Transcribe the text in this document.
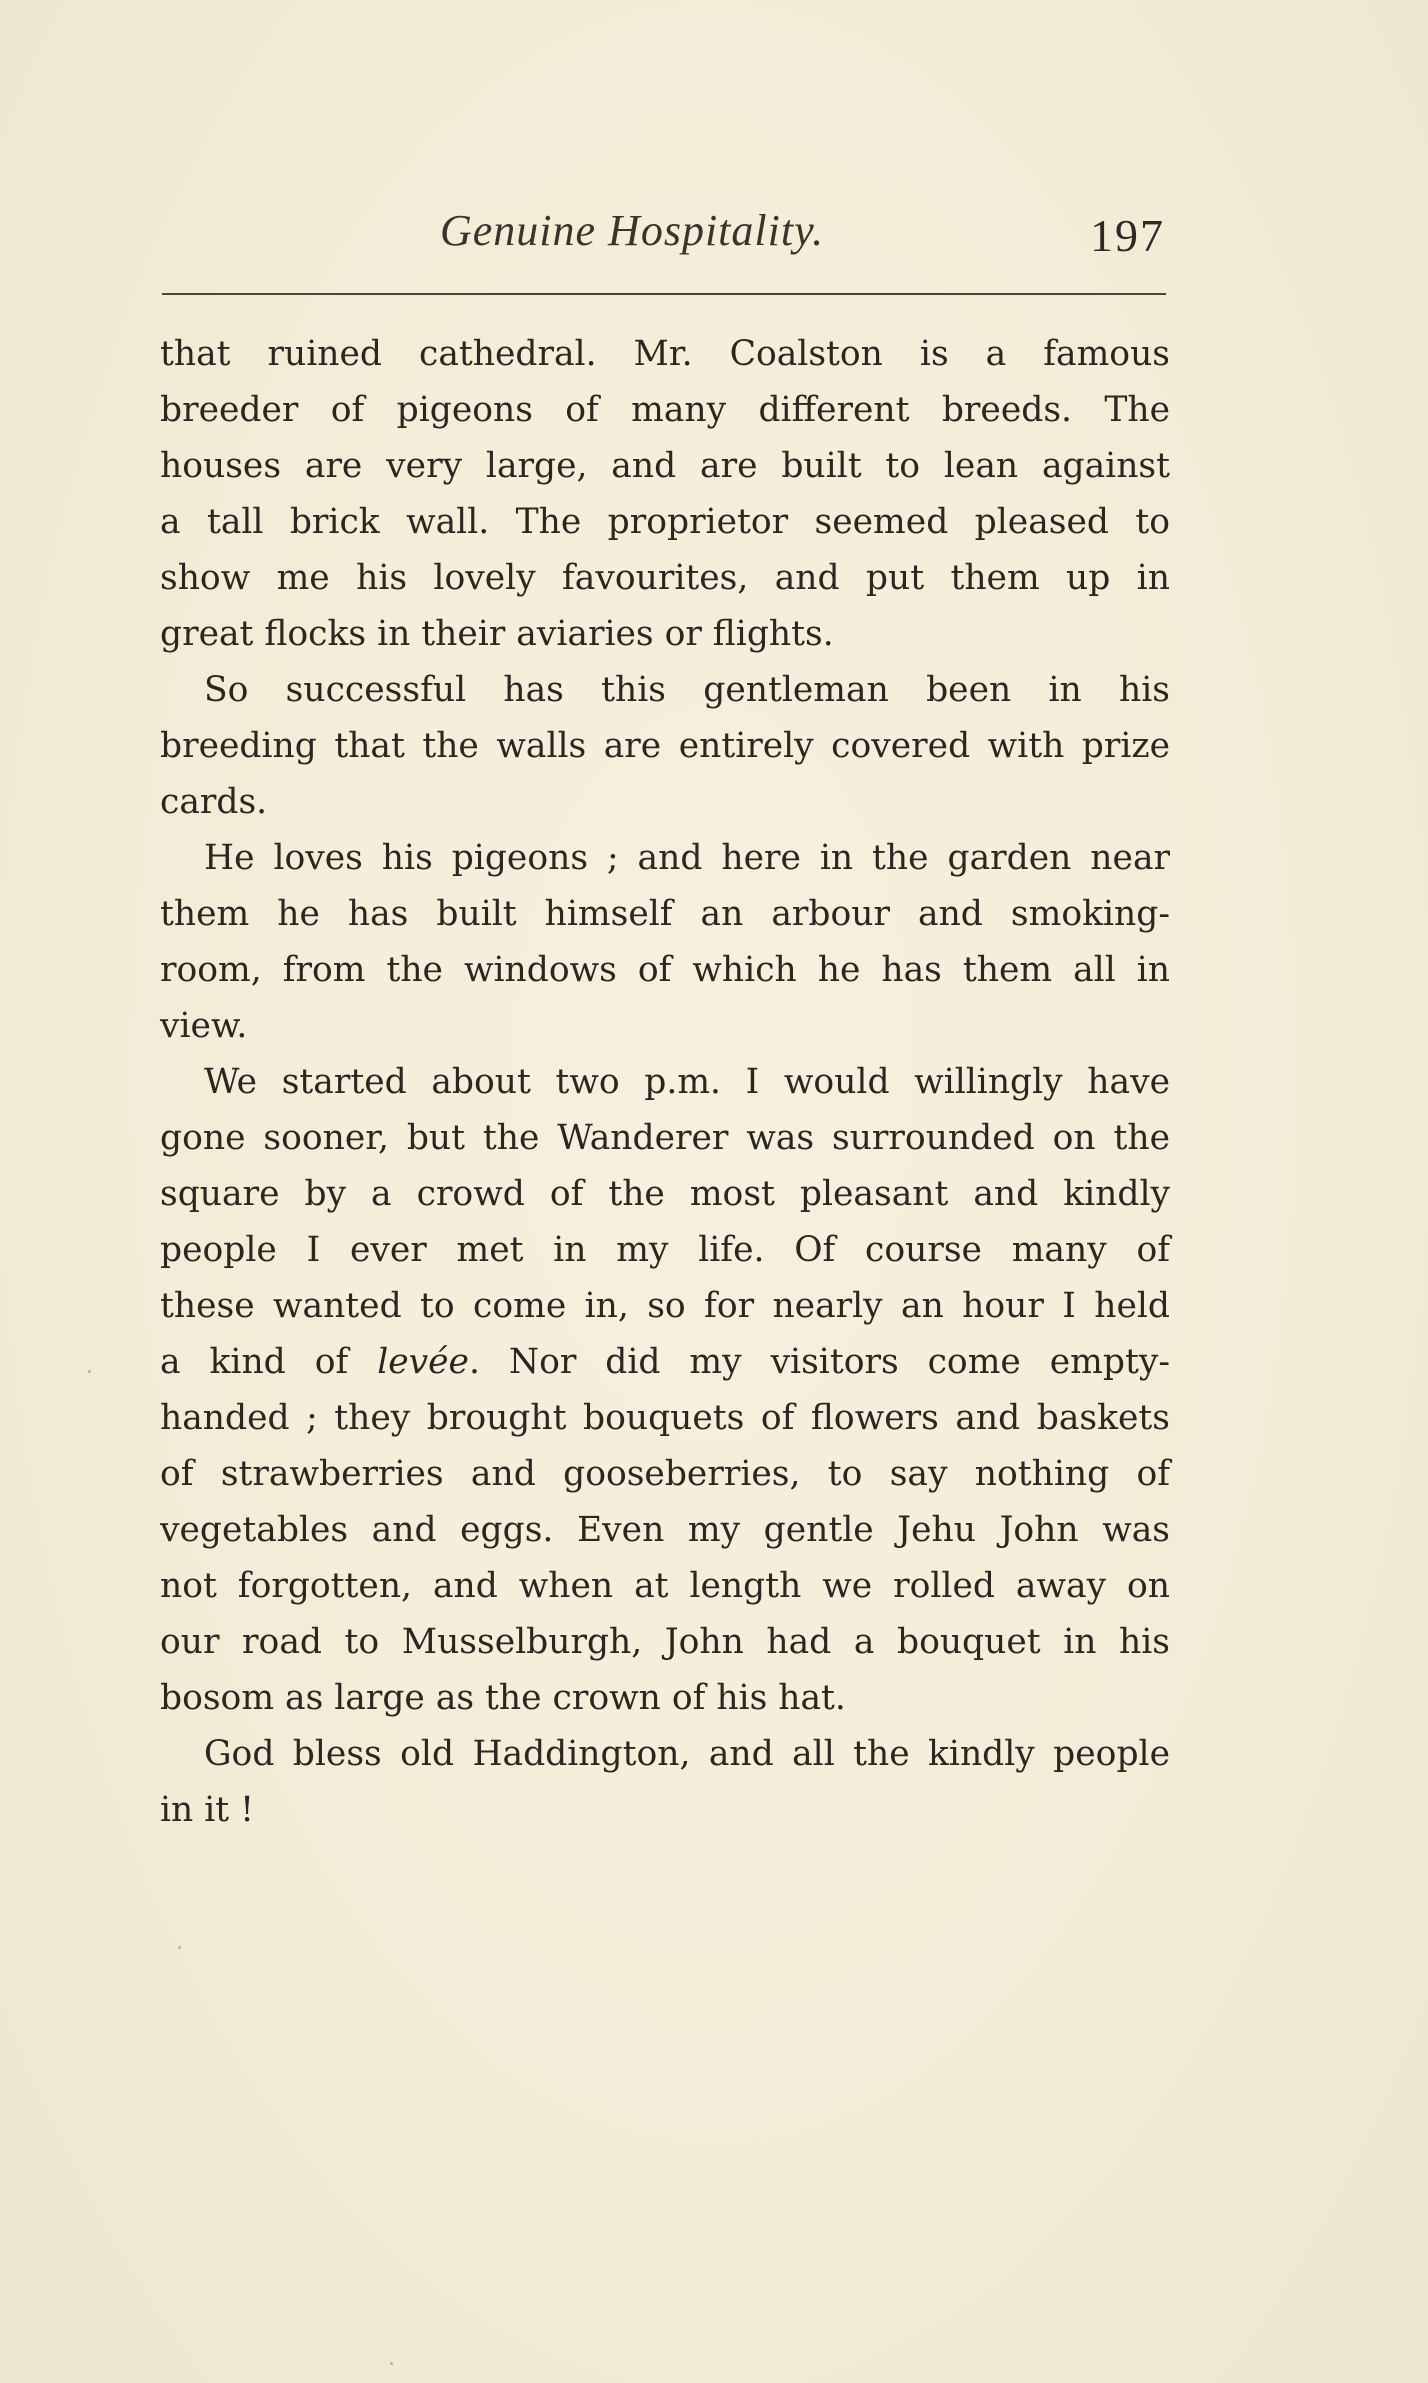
Genuine Hospitality.	197
that ruined cathedral. Mr. Coalston is a famous
breeder of pigeons of many different breeds. The
houses are very large, and are built to lean against
a tall brick wall. The proprietor seemed pleased to
show me his lovely favourites, and put them up in
great flocks in their aviaries or flights.
So successful has this gentleman been in his
breeding that the walls are entirely covered with prize
cards.
He loves his pigeons ; and here in the garden near
them he has built himself an arbour and smoking-
room, from the windows of which he has them all in
view.
We started about two p.m. I would willingly have
gone sooner, but the Wanderer was surrounded on the
square by a crowd of the most pleasant and kindly
people I ever met in my life. Of course many of
these wanted to come in, so for nearly an hour I held
a kind of levée. Nor did my visitors come empty-
handed ; they brought bouquets of flowers and baskets
of strawberries and gooseberries, to say nothing of
vegetables and eggs. Even my gentle Jehu John was
not forgotten, and when at length we rolled away on
our road to Musselburgh, John had a bouquet in his
bosom as large as the crown of his hat.
God bless old Haddington, and all the kindly people
in it !
